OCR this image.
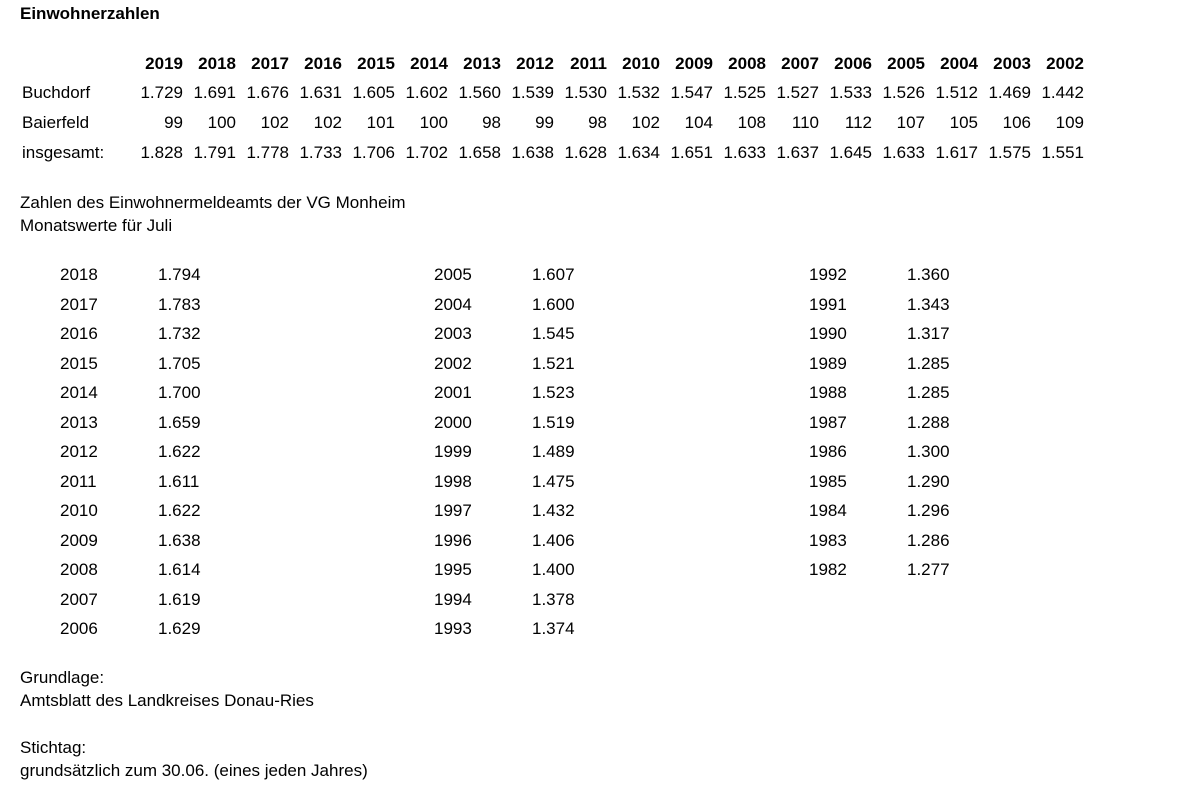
Einwohnerzahlen
	2019	2018	2017	2016	2015	2014	2013	2012	2011	2010	2009	2008	2007	2006	2005	2004	2003	2002
Buchdorf	1.729	1.691	1.676	1.631	1.605	1.602	1.560	1.539	1.530	1.532	1.547	1.525	1.527	1.533	1.526	1.512	1.469	1.442
Baierfeld	99	100	102	102	101	100	98	99	98	102	104	108	110	112	107	105	106	109
insgesamt:	1.828	1.791	1.778	1.733	1.706	1.702	1.658	1.638	1.628	1.634	1.651	1.633	1.637	1.645	1.633	1.617	1.575	1.551
Zahlen des Einwohnermeldeamts der VG Monheim
Monatswerte für Juli
2018	1.794
2017	1.783
2016	1.732
2015	1.705
2014	1.700
2013	1.659
2012	1.622
2011	1.611
2010	1.622
2009	1.638
2008	1.614
2007	1.619
2006	1.629
2005	1.607
2004	1.600
2003	1.545
2002	1.521
2001	1.523
2000	1.519
1999	1.489
1998	1.475
1997	1.432
1996	1.406
1995	1.400
1994	1.378
1993	1.374
1992	1.360
1991	1.343
1990	1.317
1989	1.285
1988	1.285
1987	1.288
1986	1.300
1985	1.290
1984	1.296
1983	1.286
1982	1.277
Grundlage:
Amtsblatt des Landkreises Donau-Ries
Stichtag:
grundsätzlich zum 30.06. (eines jeden Jahres)
